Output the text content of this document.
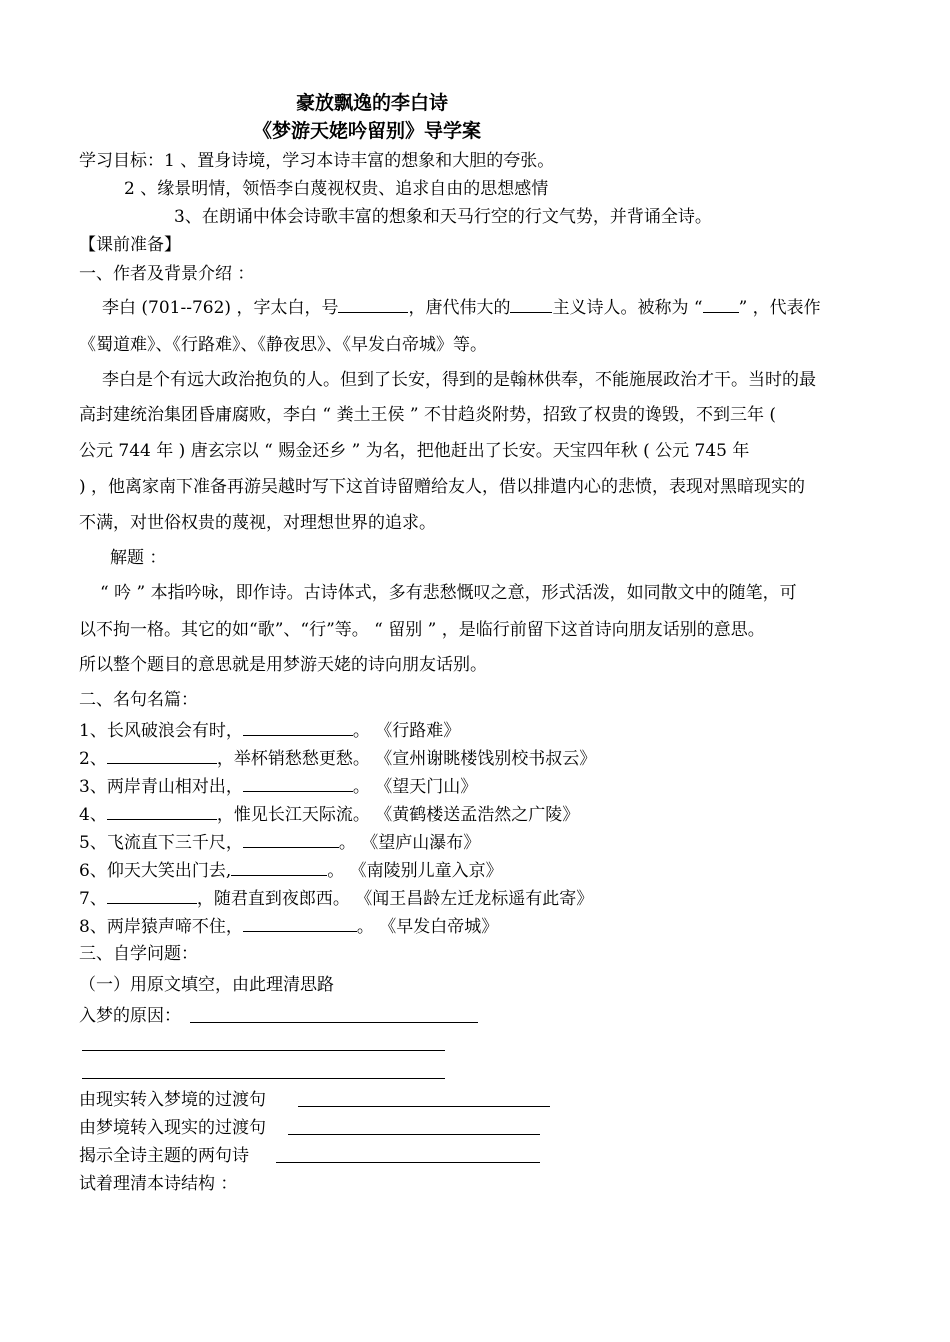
豪放飘逸的李白诗
《梦游天姥吟留别》导学案
学习目标：1 、置身诗境，学习本诗丰富的想象和大胆的夸张。
2 、缘景明情，领悟李白蔑视权贵、追求自由的思想感情
3、在朗诵中体会诗歌丰富的想象和天马行空的行文气势，并背诵全诗。
【课前准备】
一、作者及背景介绍 ：
李白 (701--762) ，字太白，号	，唐代伟大的 主义诗人。被称为 “ ” ，代表作
《蜀道难》、《行路难》、《静夜思》、《早发白帝城》等。
李白是个有远大政治抱负的人。但到了长安，得到的是翰林供奉，不能施展政治才干。当时的最
高封建统治集团昏庸腐败，李白 “ 粪土王侯 ” 不甘趋炎附势，招致了权贵的谗毁，不到三年 (
公元 744 年 ) 唐玄宗以 “ 赐金还乡 ” 为名，把他赶出了长安。天宝四年秋 ( 公元 745 年
) ，他离家南下准备再游吴越时写下这首诗留赠给友人，借以排遣内心的悲愤，表现对黑暗现实的
不满，对世俗权贵的蔑视，对理想世界的追求。
解题 ：
“ 吟 ” 本指吟咏，即作诗。古诗体式，多有悲愁慨叹之意，形式活泼，如同散文中的随笔，可
以不拘一格。其它的如“歌”、“行”等。 “ 留别 ” ，是临行前留下这首诗向朋友话别的意思。
所以整个题目的意思就是用梦游天姥的诗向朋友话别。
二、名句名篇：
1、长风破浪会有时，	。 《行路难》
2、	，举杯销愁愁更愁。 《宣州谢眺楼饯别校书叔云》
3、两岸青山相对出，	。 《望天门山》
4、	，惟见长江天际流。 《黄鹤楼送孟浩然之广陵》
5、飞流直下三千尺，	。 《望庐山瀑布》
6、仰天大笑出门去,	。 《南陵别儿童入京》
7、	，随君直到夜郎西。 《闻王昌龄左迁龙标遥有此寄》
8、两岸猿声啼不住，	。 《早发白帝城》
三、自学问题：
（一）用原文填空，由此理清思路
入梦的原因：
由现实转入梦境的过渡句
由梦境转入现实的过渡句
揭示全诗主题的两句诗
试着理清本诗结构 ：
